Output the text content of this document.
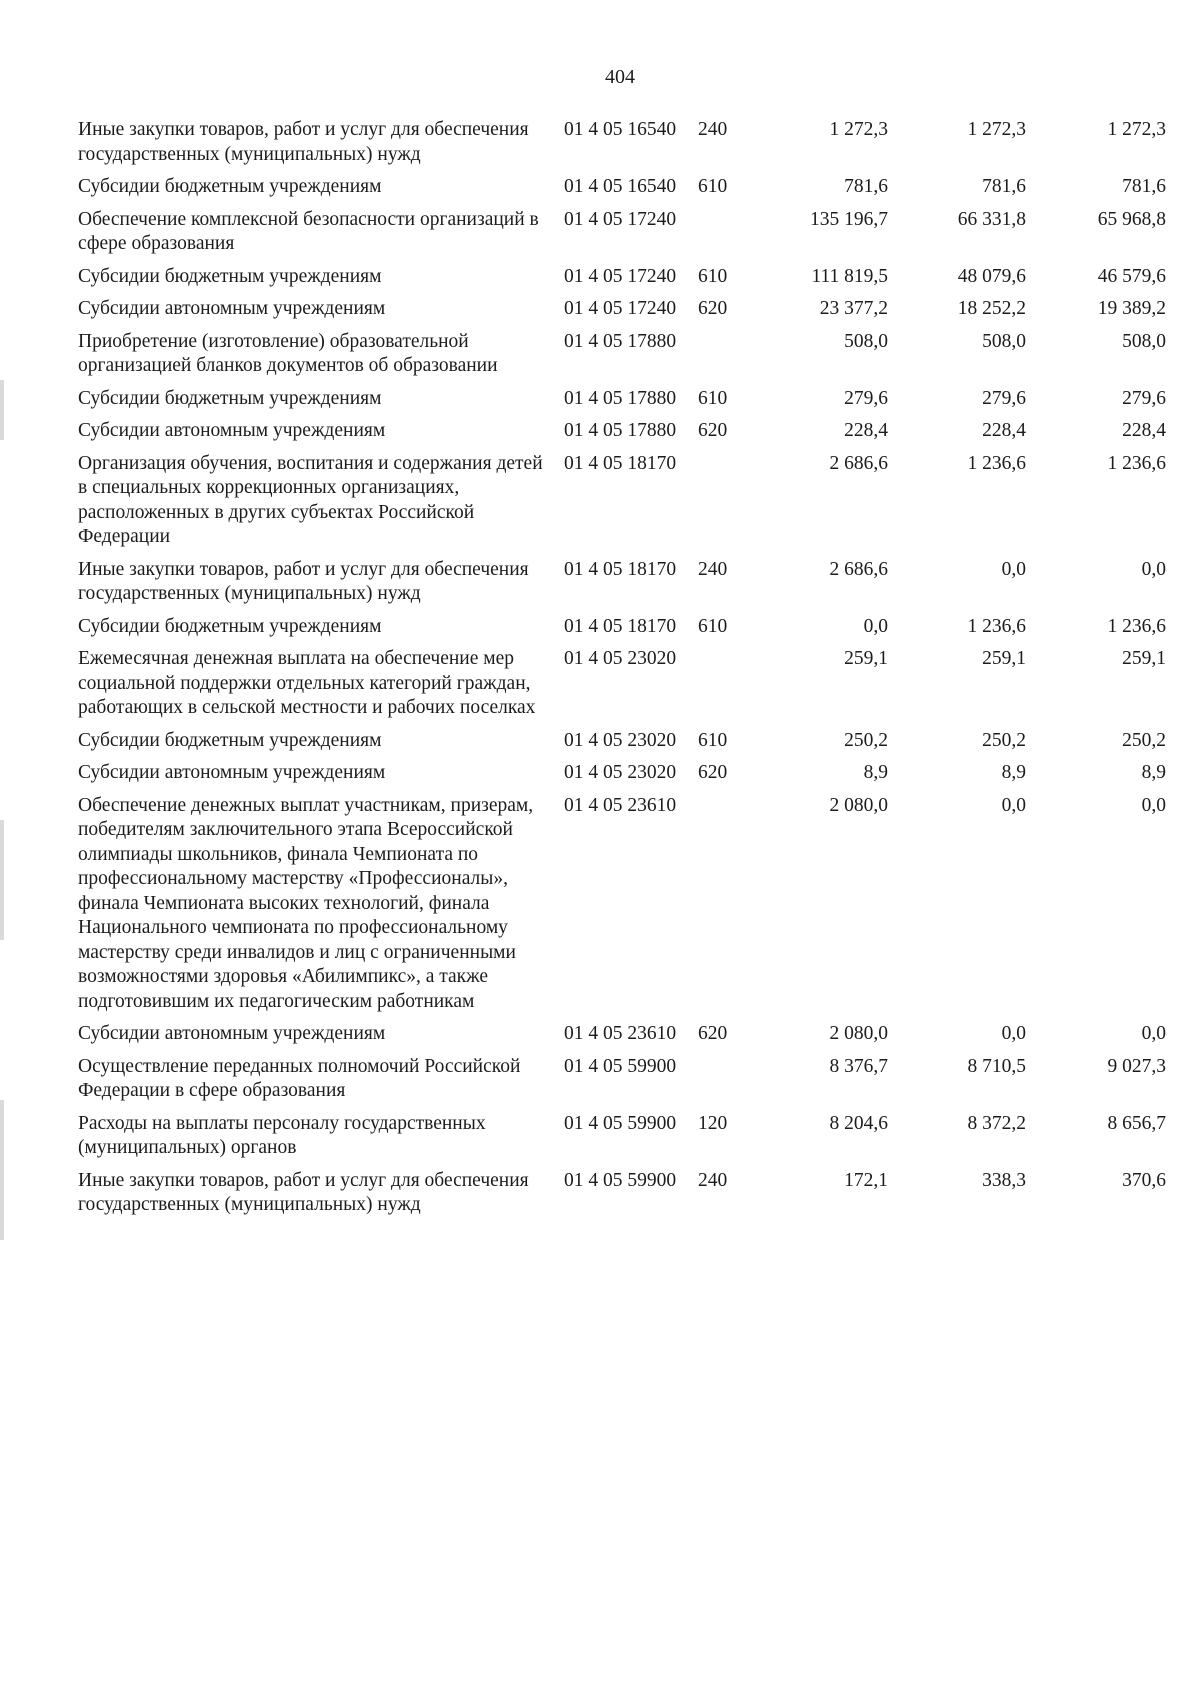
404
Иные закупки товаров, работ и услуг для обеспечения государственных (муниципальных) нужд	01 4 05 16540	240	1 272,3	1 272,3	1 272,3

Субсидии бюджетным учреждениям	01 4 05 16540	610	781,6	781,6	781,6

Обеспечение комплексной безопасности организаций в сфере образования	01 4 05 17240		135 196,7	66 331,8	65 968,8

Субсидии бюджетным учреждениям	01 4 05 17240	610	111 819,5	48 079,6	46 579,6

Субсидии автономным учреждениям	01 4 05 17240	620	23 377,2	18 252,2	19 389,2

Приобретение (изготовление) образовательной организацией бланков документов об образовании	01 4 05 17880		508,0	508,0	508,0

Субсидии бюджетным учреждениям	01 4 05 17880	610	279,6	279,6	279,6

Субсидии автономным учреждениям	01 4 05 17880	620	228,4	228,4	228,4

Организация обучения, воспитания и содержания детей в специальных коррекционных организациях, расположенных в других субъектах Российской Федерации	01 4 05 18170		2 686,6	1 236,6	1 236,6

Иные закупки товаров, работ и услуг для обеспечения государственных (муниципальных) нужд	01 4 05 18170	240	2 686,6	0,0	0,0

Субсидии бюджетным учреждениям	01 4 05 18170	610	0,0	1 236,6	1 236,6

Ежемесячная денежная выплата на обеспечение мер социальной поддержки отдельных категорий граждан, работающих в сельской местности и рабочих поселках	01 4 05 23020		259,1	259,1	259,1

Субсидии бюджетным учреждениям	01 4 05 23020	610	250,2	250,2	250,2

Субсидии автономным учреждениям	01 4 05 23020	620	8,9	8,9	8,9

Обеспечение денежных выплат участникам, призерам, победителям заключительного этапа Всероссийской олимпиады школьников, финала Чемпионата по профессиональному мастерству «Профессионалы», финала Чемпионата высоких технологий, финала Национального чемпионата по профессиональному мастерству среди инвалидов и лиц с ограниченными возможностями здоровья «Абилимпикс», а также подготовившим их педагогическим работникам	01 4 05 23610		2 080,0	0,0	0,0

Субсидии автономным учреждениям	01 4 05 23610	620	2 080,0	0,0	0,0

Осуществление переданных полномочий Российской Федерации в сфере образования	01 4 05 59900		8 376,7	8 710,5	9 027,3

Расходы на выплаты персоналу государственных (муниципальных) органов	01 4 05 59900	120	8 204,6	8 372,2	8 656,7

Иные закупки товаров, работ и услуг для обеспечения государственных (муниципальных) нужд	01 4 05 59900	240	172,1	338,3	370,6
